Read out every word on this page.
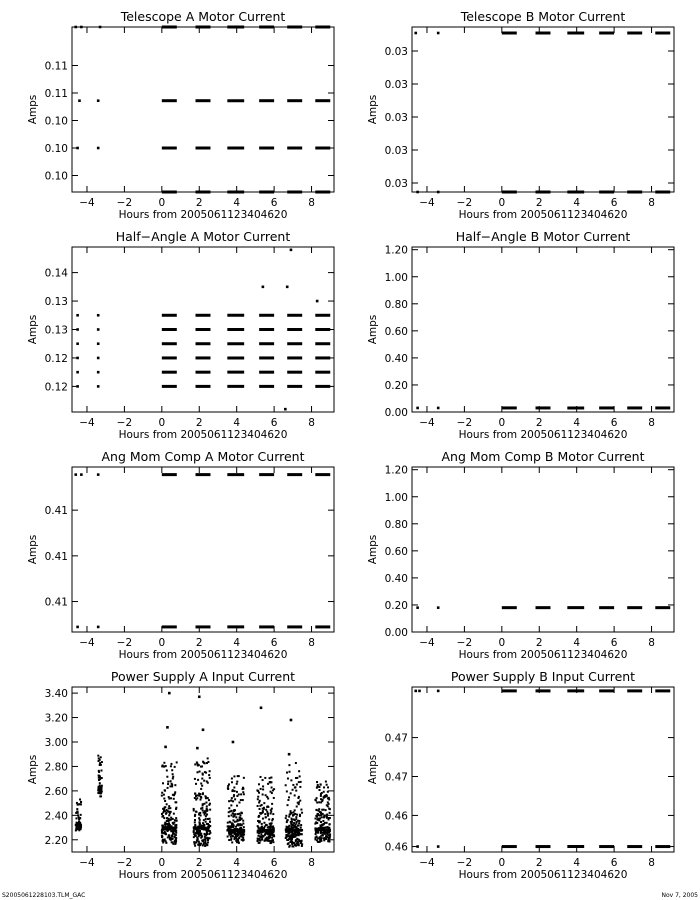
S2005061228103.TLM_GAC	Nov 7, 2005
Telescope A Motor Current
Hours from 2005061123404620
Amps
−4 −2	0	2	4	6	8
0.10
0.10
0.10
0.11
0.11
Telescope B Motor Current
Hours from 2005061123404620
Amps
−4 −2	0	2	4	6	8
0.03
0.03
0.03
0.03
0.03
Half−Angle A Motor Current
Hours from 2005061123404620
Amps
−4 −2	0	2	4	6	8
0.12
0.12
0.13
0.13
0.14
Half−Angle B Motor Current
Hours from 2005061123404620
Amps
−4 −2	0	2	4	6	8
0.00
0.20
0.40
0.60
0.80
1.00
1.20
Ang Mom Comp A Motor Current
Hours from 2005061123404620
Amps
−4 −2	0	2	4	6	8
0.41
0.41
0.41
Ang Mom Comp B Motor Current
Hours from 2005061123404620
Amps
−4 −2	0	2	4	6	8
0.00
0.20
0.40
0.60
0.80
1.00
1.20
Power Supply A Input Current
Hours from 2005061123404620
Amps
−4 −2	0	2	4	6	8
2.20
2.40
2.60
2.80
3.00
3.20
3.40
Power Supply B Input Current
Hours from 2005061123404620
Amps
−4 −2	0	2	4	6	8
0.46
0.46
0.47
0.47
